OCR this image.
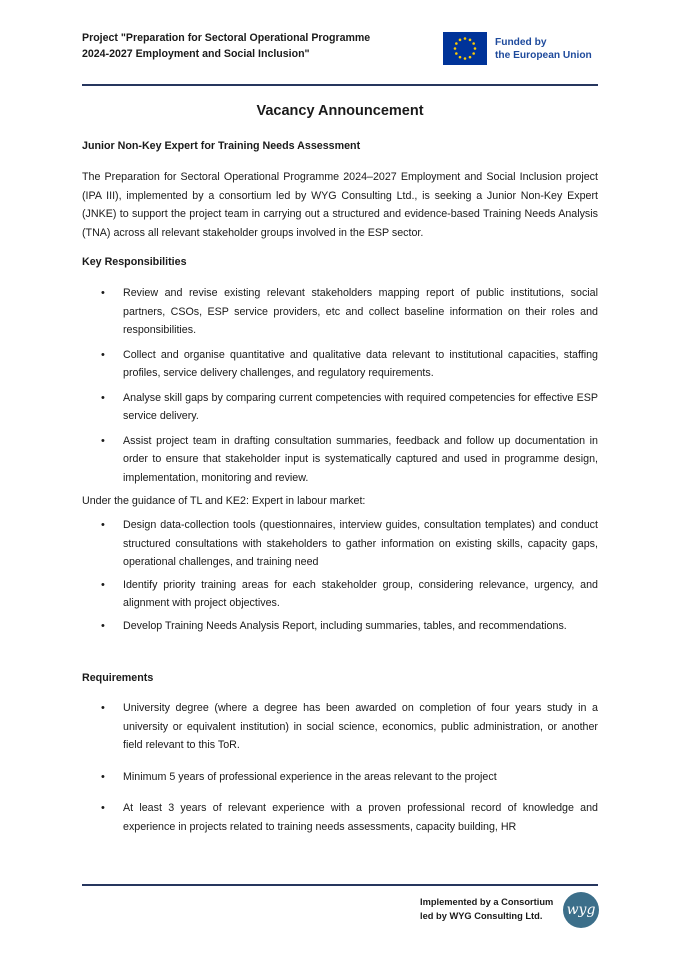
Project "Preparation for Sectoral Operational Programme
2024-2027 Employment and Social Inclusion"
Funded by
the European Union
Vacancy Announcement
Junior Non-Key Expert for Training Needs Assessment
The Preparation for Sectoral Operational Programme 2024–2027 Employment and Social Inclusion project (IPA III), implemented by a consortium led by WYG Consulting Ltd., is seeking a Junior Non-Key Expert (JNKE) to support the project team in carrying out a structured and evidence-based Training Needs Analysis (TNA) across all relevant stakeholder groups involved in the ESP sector.
Key Responsibilities
• Review and revise existing relevant stakeholders mapping report of public institutions, social partners, CSOs, ESP service providers, etc and collect baseline information on their roles and responsibilities.
• Collect and organise quantitative and qualitative data relevant to institutional capacities, staffing profiles, service delivery challenges, and regulatory requirements.
• Analyse skill gaps by comparing current competencies with required competencies for effective ESP service delivery.
• Assist project team in drafting consultation summaries, feedback and follow up documentation in order to ensure that stakeholder input is systematically captured and used in programme design, implementation, monitoring and review.
Under the guidance of TL and KE2: Expert in labour market:
• Design data-collection tools (questionnaires, interview guides, consultation templates) and conduct structured consultations with stakeholders to gather information on existing skills, capacity gaps, operational challenges, and training need
• Identify priority training areas for each stakeholder group, considering relevance, urgency, and alignment with project objectives.
• Develop Training Needs Analysis Report, including summaries, tables, and recommendations.
Requirements
• University degree (where a degree has been awarded on completion of four years study in a university or equivalent institution) in social science, economics, public administration, or another field relevant to this ToR.
• Minimum 5 years of professional experience in the areas relevant to the project
• At least 3 years of relevant experience with a proven professional record of knowledge and experience in projects related to training needs assessments, capacity building, HR
Implemented by a Consortium
led by WYG Consulting Ltd.	wyg
